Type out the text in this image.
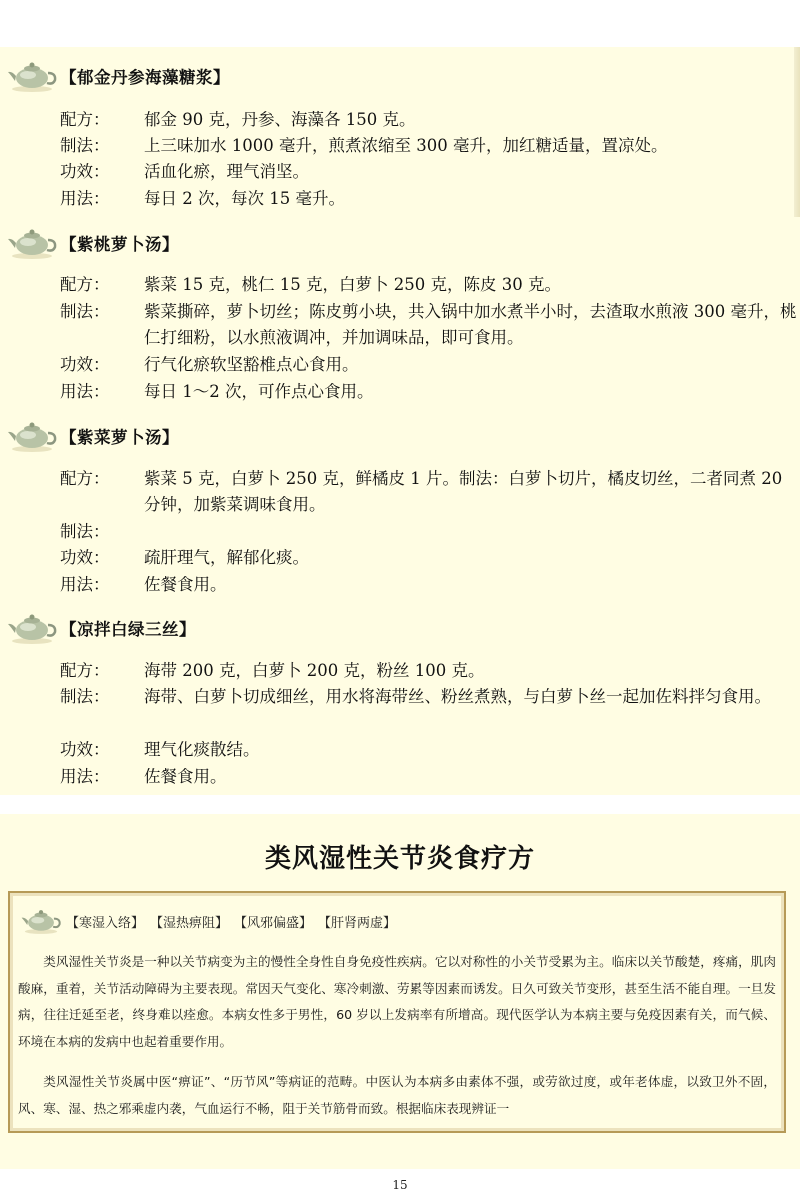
【郁金丹参海藻糖浆】
配方：	郁金 90 克，丹参、海藻各 150 克。
制法：	上三味加水 1000 毫升，煎煮浓缩至 300 毫升，加红糖适量，置凉处。
功效：	活血化瘀，理气消坚。
用法：	每日 2 次，每次 15 毫升。
【紫桃萝卜汤】
配方：	紫菜 15 克，桃仁 15 克，白萝卜 250 克，陈皮 30 克。
制法：	紫菜撕碎，萝卜切丝；陈皮剪小块，共入锅中加水煮半小时，去渣取水煎液 300 毫升，桃仁打细粉，以水煎液调冲，并加调味品，即可食用。
功效：	行气化瘀软坚豁椎点心食用。
用法：	每日 1～2 次，可作点心食用。
【紫菜萝卜汤】
配方：	紫菜 5 克，白萝卜 250 克，鲜橘皮 1 片。制法：白萝卜切片，橘皮切丝，二者同煮 20 分钟，加紫菜调味食用。
制法：
功效：	疏肝理气，解郁化痰。
用法：	佐餐食用。
【凉拌白绿三丝】
配方：	海带 200 克，白萝卜 200 克，粉丝 100 克。
制法：	海带、白萝卜切成细丝，用水将海带丝、粉丝煮熟，与白萝卜丝一起加佐料拌匀食用。
功效：	理气化痰散结。
用法：	佐餐食用。
类风湿性关节炎食疗方
【寒湿入络】 【湿热痹阻】 【风邪偏盛】 【肝肾两虚】
类风湿性关节炎是一种以关节病变为主的慢性全身性自身免疫性疾病。它以对称性的小关节受累为主。临床以关节酸楚，疼痛，肌肉酸麻，重着，关节活动障碍为主要表现。常因天气变化、寒冷刺激、劳累等因素而诱发。日久可致关节变形，甚至生活不能自理。一旦发病，往往迁延至老，终身难以痊愈。本病女性多于男性，60 岁以上发病率有所增高。现代医学认为本病主要与免疫因素有关，而气候、环境在本病的发病中也起着重要作用。
类风湿性关节炎属中医“痹证”、“历节风”等病证的范畴。中医认为本病多由素体不强，或劳欲过度，或年老体虚，以致卫外不固，风、寒、湿、热之邪乘虚内袭，气血运行不畅，阻于关节筋骨而致。根据临床表现辨证一
15
